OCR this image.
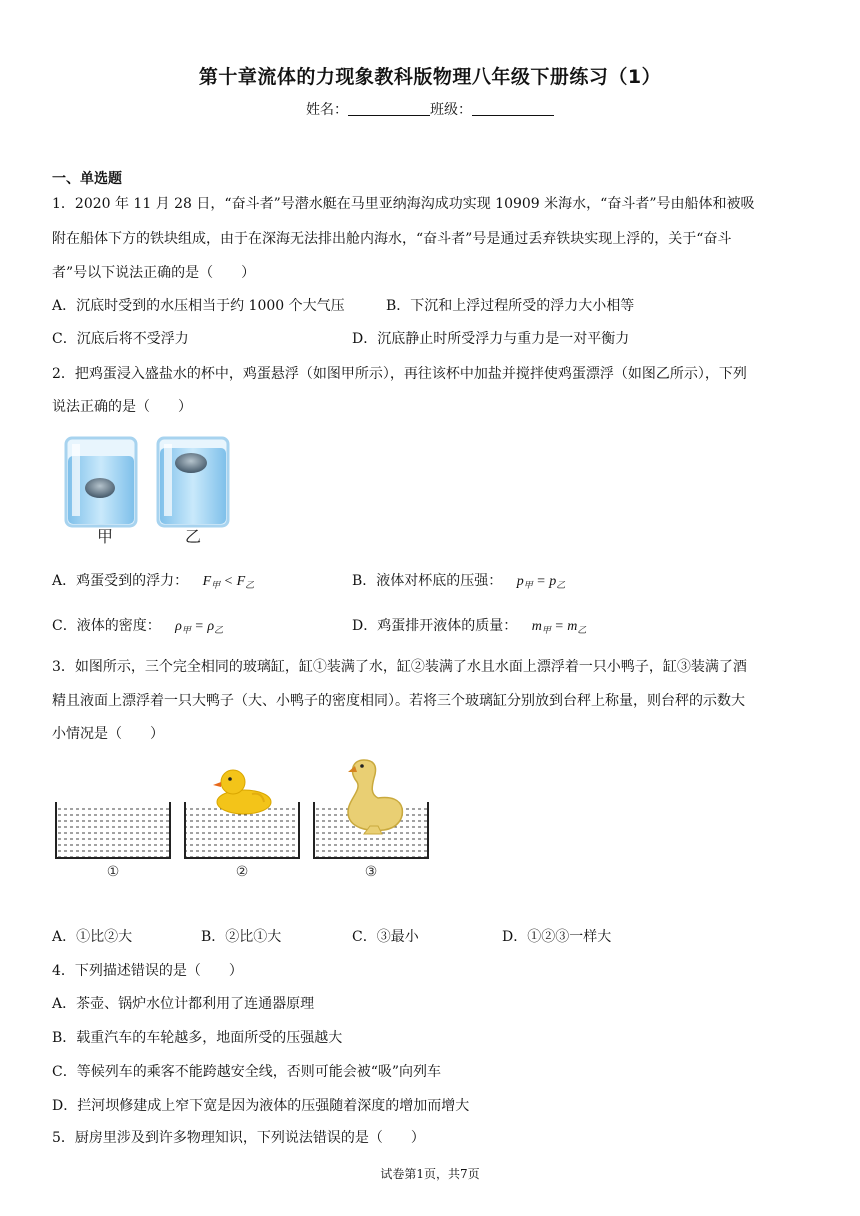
第十章流体的力现象教科版物理八年级下册练习（1）
姓名：	班级：
一、单选题
1．2020 年 11 月 28 日，“奋斗者”号潜水艇在马里亚纳海沟成功实现 10909 米海水，“奋斗者”号由船体和被吸
附在船体下方的铁块组成，由于在深海无法排出舱内海水，“奋斗者”号是通过丢弃铁块实现上浮的，关于“奋斗
者”号以下说法正确的是（　　）
A．沉底时受到的水压相当于约 1000 个大气压	B．下沉和上浮过程所受的浮力大小相等
C．沉底后将不受浮力	D．沉底静止时所受浮力与重力是一对平衡力
2．把鸡蛋浸入盛盐水的杯中，鸡蛋悬浮（如图甲所示），再往该杯中加盐并搅拌使鸡蛋漂浮（如图乙所示），下列
说法正确的是（　　）
甲	乙
A．鸡蛋受到的浮力： $F_甲 < F_乙$	B．液体对杯底的压强： $p_甲 = p_乙$
C．液体的密度： $\rho_甲 = \rho_乙$	D．鸡蛋排开液体的质量： $m_甲 = m_乙$
3．如图所示，三个完全相同的玻璃缸，缸①装满了水，缸②装满了水且水面上漂浮着一只小鸭子，缸③装满了酒
精且液面上漂浮着一只大鸭子（大、小鸭子的密度相同）。若将三个玻璃缸分别放到台秤上称量，则台秤的示数大
小情况是（　　）
①	②	③
A．①比②大	B．②比①大	C．③最小	D．①②③一样大
4．下列描述错误的是（　　）
A．茶壶、锅炉水位计都利用了连通器原理
B．载重汽车的车轮越多，地面所受的压强越大
C．等候列车的乘客不能跨越安全线，否则可能会被“吸”向列车
D．拦河坝修建成上窄下宽是因为液体的压强随着深度的增加而增大
5．厨房里涉及到许多物理知识，下列说法错误的是（　　）
试卷第1页，共7页
